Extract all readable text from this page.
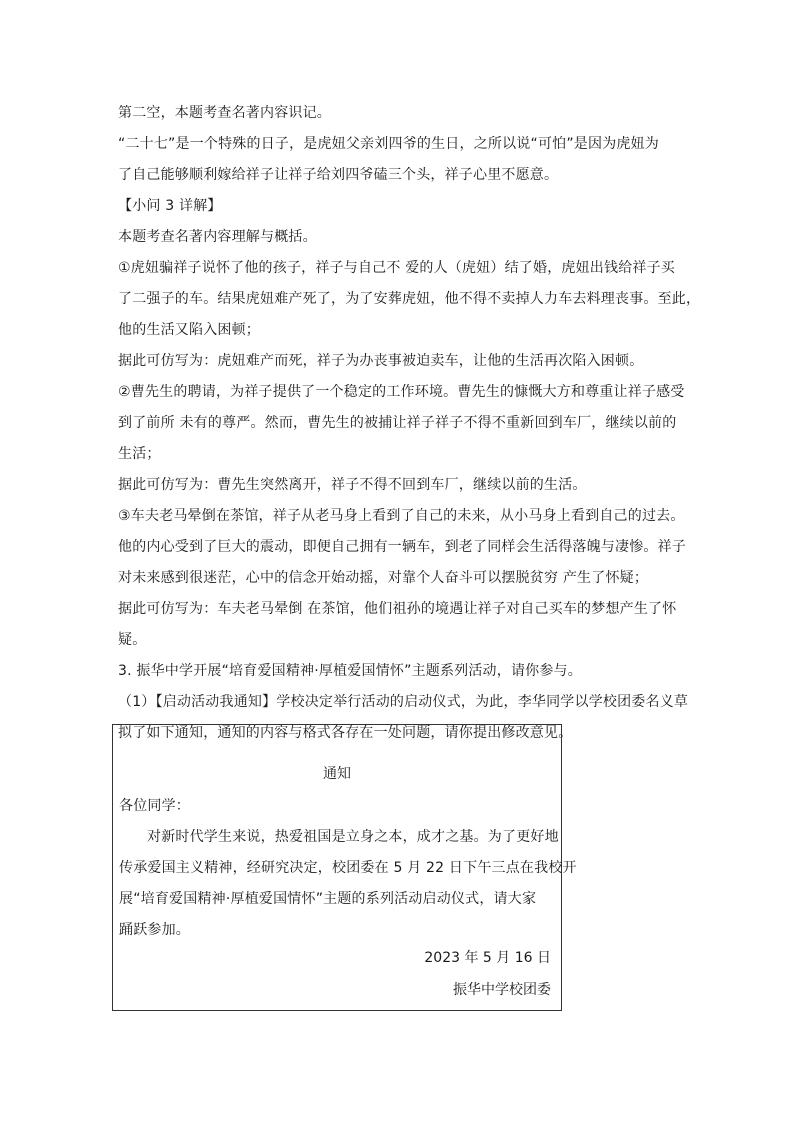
第二空，本题考查名著内容识记。
“二十七”是一个特殊的日子，是虎妞父亲刘四爷的生日，之所以说“可怕”是因为虎妞为
了自己能够顺利嫁给祥子让祥子给刘四爷磕三个头，祥子心里不愿意。
【小问 3 详解】
本题考查名著内容理解与概括。
①虎妞骗祥子说怀了他的孩子，祥子与自己不 爱的人（虎妞）结了婚，虎妞出钱给祥子买
了二强子的车。结果虎妞难产死了，为了安葬虎妞，他不得不卖掉人力车去料理丧事。至此，
他的生活又陷入困顿；
据此可仿写为：虎妞难产而死，祥子为办丧事被迫卖车，让他的生活再次陷入困顿。
②曹先生的聘请，为祥子提供了一个稳定的工作环境。曹先生的慷慨大方和尊重让祥子感受
到了前所 未有的尊严。然而，曹先生的被捕让祥子祥子不得不重新回到车厂，继续以前的
生活；
据此可仿写为：曹先生突然离开，祥子不得不回到车厂，继续以前的生活。
③车夫老马晕倒在茶馆，祥子从老马身上看到了自己的未来，从小马身上看到自己的过去。
他的内心受到了巨大的震动，即便自己拥有一辆车，到老了同样会生活得落魄与凄惨。祥子
对未来感到很迷茫，心中的信念开始动摇，对靠个人奋斗可以摆脱贫穷 产生了怀疑；
据此可仿写为：车夫老马晕倒 在茶馆，他们祖孙的境遇让祥子对自己买车的梦想产生了怀
疑。
3. 振华中学开展“培育爱国精神·厚植爱国情怀”主题系列活动，请你参与。
（1）【启动活动我通知】学校决定举行活动的启动仪式，为此，李华同学以学校团委名义草
拟了如下通知，通知的内容与格式各存在一处问题，请你提出修改意见。
通知
各位同学：
对新时代学生来说，热爱祖国是立身之本，成才之基。为了更好地
传承爱国主义精神，经研究决定，校团委在 5 月 22 日下午三点在我校开
展“培育爱国精神·厚植爱国情怀”主题的系列活动启动仪式，请大家
踊跃参加。
2023 年 5 月 16 日
振华中学校团委
